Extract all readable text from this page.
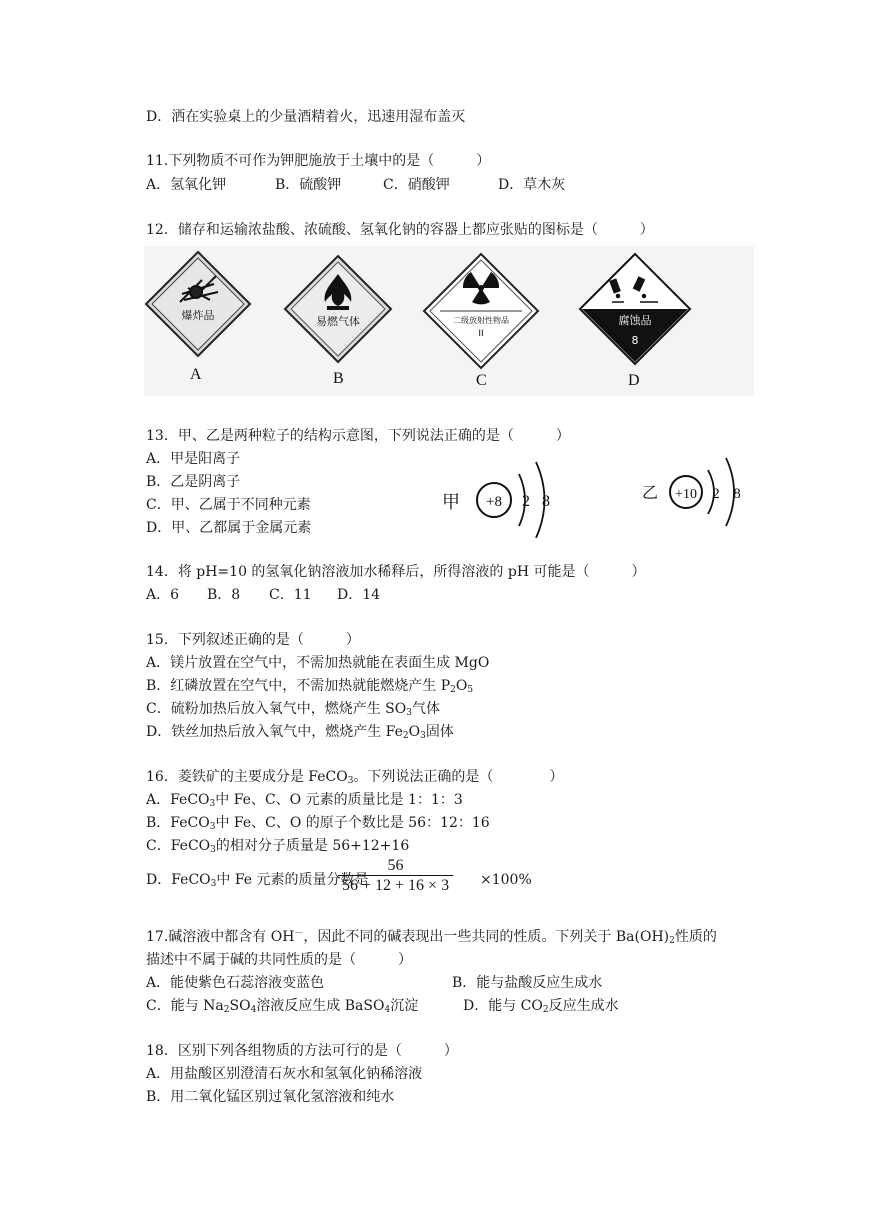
D．洒在实验桌上的少量酒精着火，迅速用湿布盖灭
11.下列物质不可作为钾肥施放于土壤中的是（　　　）
A．氢氧化钾	B．硫酸钾	C．硝酸钾	D．草木灰
12．储存和运输浓盐酸、浓硫酸、氢氧化钠的容器上都应张贴的图标是（　　　）
爆炸品
A
易燃气体
B
二级放射性物品
II
C
腐蚀品
8
D
13．甲、乙是两种粒子的结构示意图，下列说法正确的是（　　　）
A．甲是阳离子
B．乙是阴离子
C．甲、乙属于不同种元素
D．甲、乙都属于金属元素
甲 +8 2 8	乙 +10 2 8
14．将 pH=10 的氢氧化钠溶液加水稀释后，所得溶液的 pH 可能是（　　　）
A．6 B．8 C．11 D．14
15．下列叙述正确的是（　　　）
A．镁片放置在空气中，不需加热就能在表面生成 MgO
B．红磷放置在空气中，不需加热就能燃烧产生 $P_2O_5$
C．硫粉加热后放入氧气中，燃烧产生 $SO_3$气体
D．铁丝加热后放入氧气中，燃烧产生 $Fe_2O_3$固体
16．菱铁矿的主要成分是 FeCO$_3$。下列说法正确的是（　　　　）
A．FeCO$_3$中 Fe、C、O 元素的质量比是 1：1：3
B．FeCO$_3$中 Fe、C、O 的原子个数比是 56：12：16
C．FeCO$_3$的相对分子质量是 56+12+16
D．FeCO$_3$中 Fe 元素的质量分数是
$\frac{56}{56 + 12 + 16 \times 3} \times 100\%$
17.碱溶液中都含有 OH－，因此不同的碱表现出一些共同的性质。下列关于 $Ba(OH)_2$性质的
描述中不属于碱的共同性质的是（　　　）
A．能使紫色石蕊溶液变蓝色	B．能与盐酸反应生成水
C．能与 $Na_2SO_4$溶液反应生成 BaSO$_4$沉淀	D．能与 $CO_2$反应生成水
18．区别下列各组物质的方法可行的是（　　　）
A．用盐酸区别澄清石灰水和氢氧化钠稀溶液
B．用二氧化锰区别过氧化氢溶液和纯水
